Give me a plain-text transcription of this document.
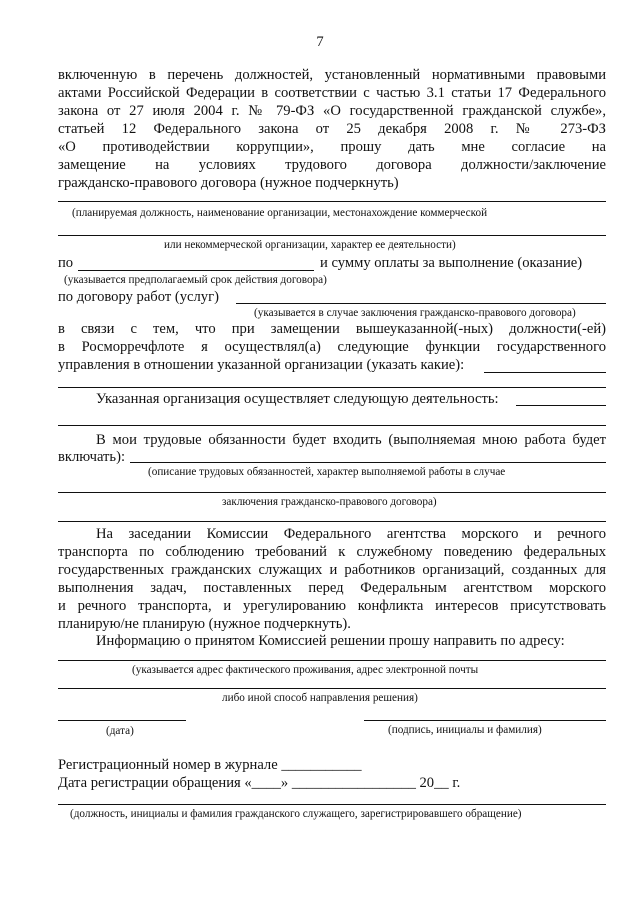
7
включенную в перечень должностей, установленный нормативными правовыми
актами Российской Федерации в соответствии с частью 3.1 статьи 17 Федерального
закона от 27 июля 2004 г. № 79-ФЗ «О государственной гражданской службе»,
статьей 12 Федерального закона от 25 декабря 2008 г. № 273-ФЗ
«О противодействии коррупции», прошу дать мне согласие на
замещение на условиях трудового договора должности/заключение
гражданско-правового договора (нужное подчеркнуть)
(планируемая должность, наименование организации, местонахождение коммерческой
или некоммерческой организации, характер ее деятельности)
по	и сумму оплаты за выполнение (оказание)
(указывается предполагаемый срок действия договора)
по договору работ (услуг)
(указывается в случае заключения гражданско-правового договора)
в связи с тем, что при замещении вышеуказанной(-ных) должности(-ей)
в Росморречфлоте я осуществлял(а) следующие функции государственного
управления в отношении указанной организации (указать какие):
Указанная организация осуществляет следующую деятельность:
В мои трудовые обязанности будет входить (выполняемая мною работа будет
включать):
(описание трудовых обязанностей, характер выполняемой работы в случае
заключения гражданско-правового договора)
На заседании Комиссии Федерального агентства морского и речного
транспорта по соблюдению требований к служебному поведению федеральных
государственных гражданских служащих и работников организаций, созданных для
выполнения задач, поставленных перед Федеральным агентством морского
и речного транспорта, и урегулированию конфликта интересов присутствовать
планирую/не планирую (нужное подчеркнуть).
Информацию о принятом Комиссией решении прошу направить по адресу:
(указывается адрес фактического проживания, адрес электронной почты
либо иной способ направления решения)
(дата)	(подпись, инициалы и фамилия)
Регистрационный номер в журнале ___________
Дата регистрации обращения «____» _________________ 20__ г.
(должность, инициалы и фамилия гражданского служащего, зарегистрировавшего обращение)
